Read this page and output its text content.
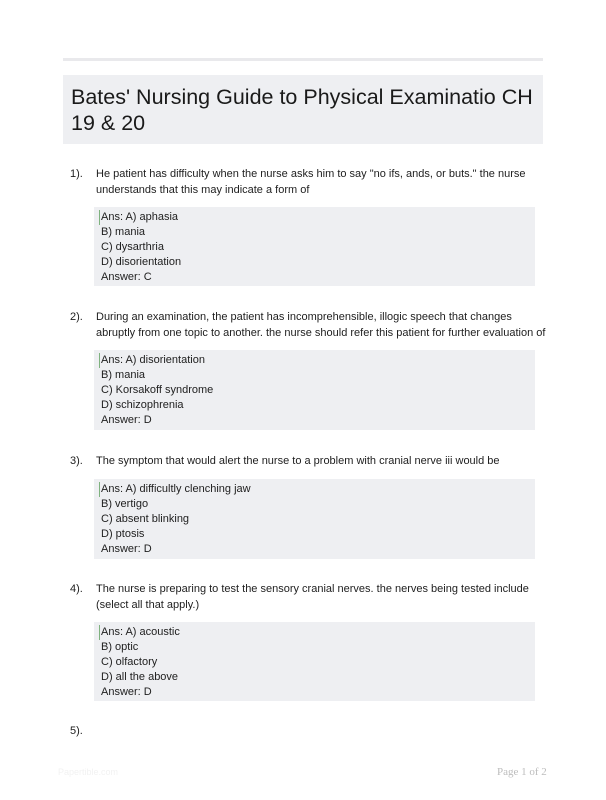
Bates' Nursing Guide to Physical Examinatio CH 19 & 20
1). He patient has difficulty when the nurse asks him to say "no ifs, ands, or buts." the nurse understands that this may indicate a form of
Ans: A) aphasia
B) mania
C) dysarthria
D) disorientation
Answer: C
2). During an examination, the patient has incomprehensible, illogic speech that changes abruptly from one topic to another. the nurse should refer this patient for further evaluation of
Ans: A) disorientation
B) mania
C) Korsakoff syndrome
D) schizophrenia
Answer: D
3). The symptom that would alert the nurse to a problem with cranial nerve iii would be
Ans: A) difficultly clenching jaw
B) vertigo
C) absent blinking
D) ptosis
Answer: D
4). The nurse is preparing to test the sensory cranial nerves. the nerves being tested include (select all that apply.)
Ans: A) acoustic
B) optic
C) olfactory
D) all the above
Answer: D
5).
Papertible.com	Page 1 of 2
